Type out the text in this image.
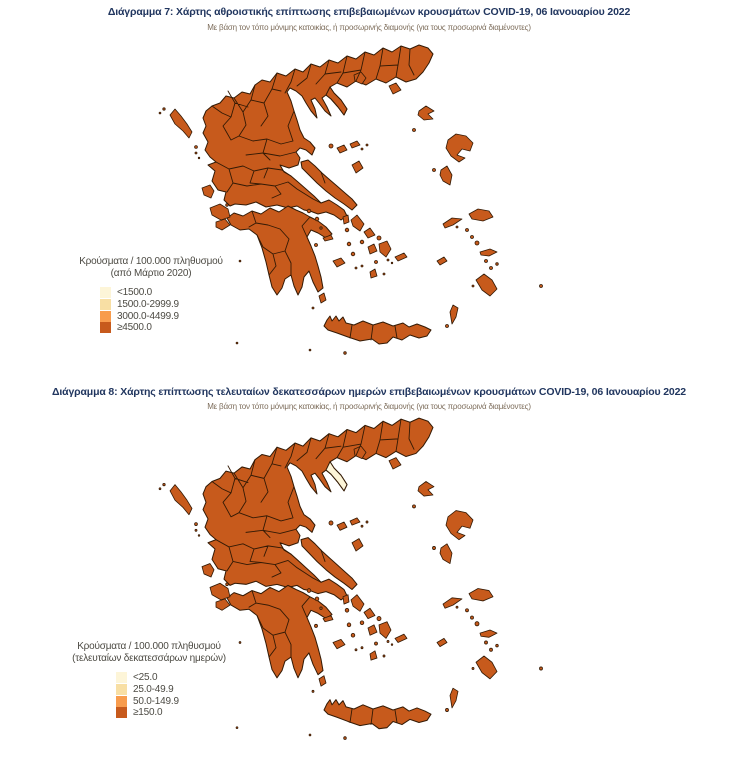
Διάγραμμα 7: Χάρτης αθροιστικής επίπτωσης επιβεβαιωμένων κρουσμάτων COVID-19, 06 Ιανουαρίου 2022
Με βάση τον τόπο μόνιμης κατοικίας, ή προσωρινής διαμονής (για τους προσωρινά διαμένοντες)
Κρούσματα / 100.000 πληθυσμού
(από Μάρτιο 2020)
<1500.0
1500.0-2999.9
3000.0-4499.9
≥4500.0
Διάγραμμα 8: Χάρτης επίπτωσης τελευταίων δεκατεσσάρων ημερών επιβεβαιωμένων κρουσμάτων COVID-19, 06 Ιανουαρίου 2022
Με βάση τον τόπο μόνιμης κατοικίας, ή προσωρινής διαμονής (για τους προσωρινά διαμένοντες)
Κρούσματα / 100.000 πληθυσμού
(τελευταίων δεκατεσσάρων ημερών)
<25.0
25.0-49.9
50.0-149.9
≥150.0
